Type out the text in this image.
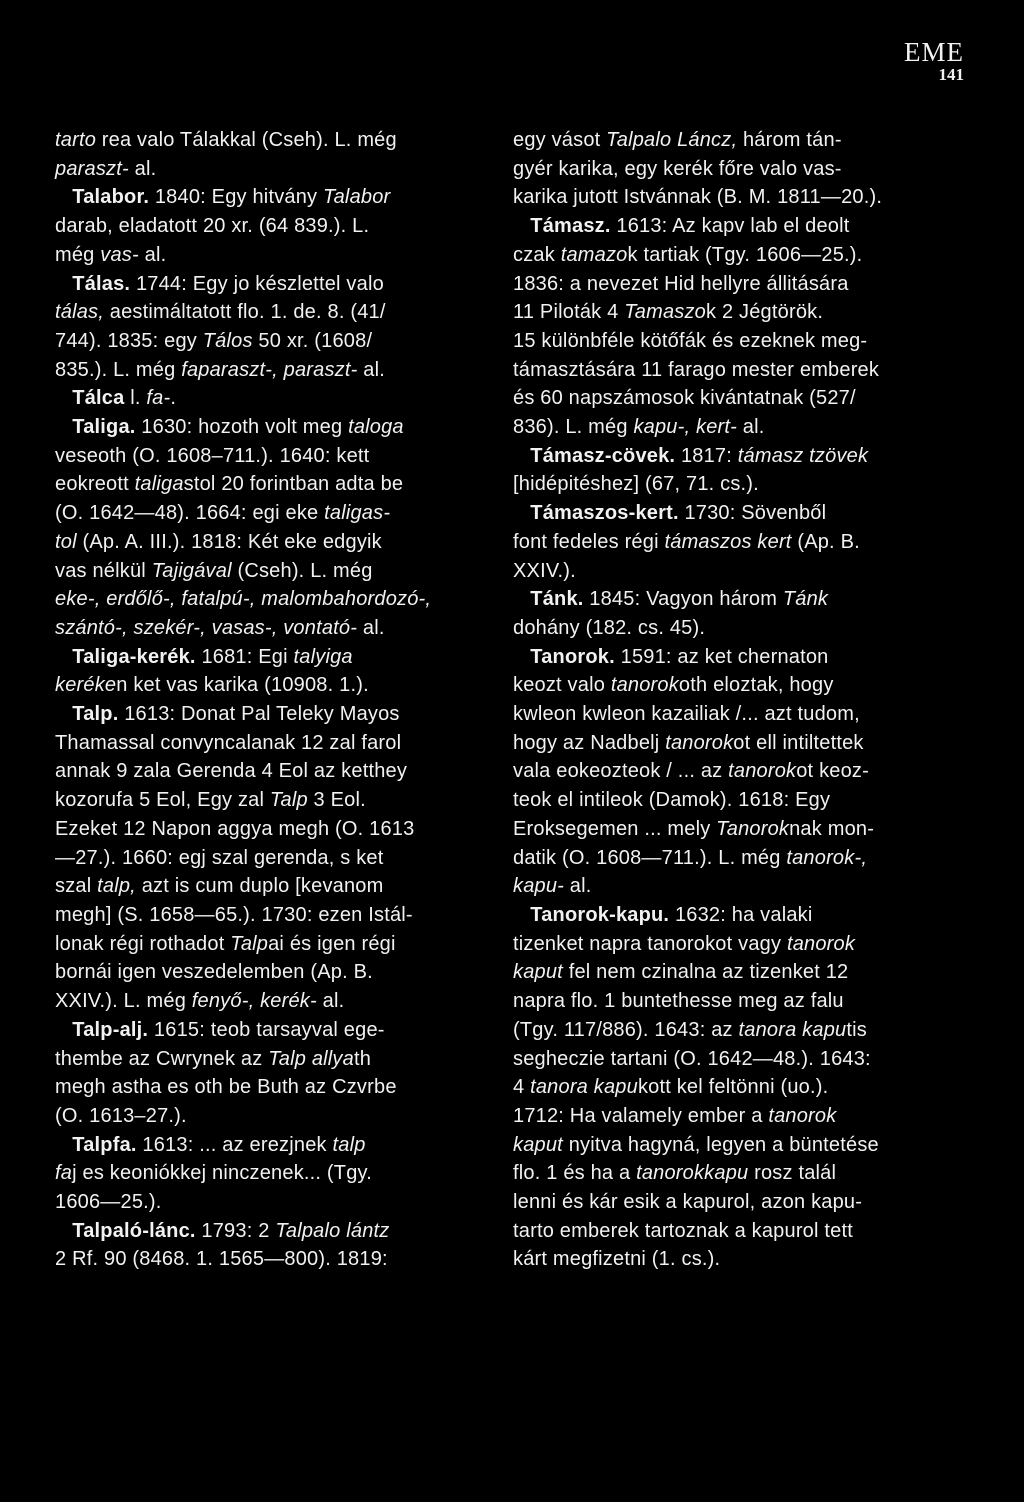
EME
141
tarto rea valo Tálakkal (Cseh). L. még
paraszt- al.
Talabor. 1840: Egy hitvány Talabor
darab, eladatott 20 xr. (64 839.). L.
még vas- al.
Tálas. 1744: Egy jo készlettel valo
tálas, aestimáltatott flo. 1. de. 8. (41/
744). 1835: egy Tálos 50 xr. (1608/
835.). L. még faparaszt-, paraszt- al.
Tálca l. fa-.
Taliga. 1630: hozoth volt meg taloga
veseoth (O. 1608–711.). 1640: kett
eokreott taligastol 20 forintban adta be
(O. 1642—48). 1664: egi eke taligas-
tol (Ap. A. III.). 1818: Két eke edgyik
vas nélkül Tajigával (Cseh). L. még
eke-, erdőlő-, fatalpú-, malombahordozó-,
szántó-, szekér-, vasas-, vontató- al.
Taliga-kerék. 1681: Egi talyiga
keréken ket vas karika (10908. 1.).
Talp. 1613: Donat Pal Teleky Mayos
Thamassal convyncalanak 12 zal farol
annak 9 zala Gerenda 4 Eol az ketthey
kozorufa 5 Eol, Egy zal Talp 3 Eol.
Ezeket 12 Napon aggya megh (O. 1613
—27.). 1660: egj szal gerenda, s ket
szal talp, azt is cum duplo [kevanom
megh] (S. 1658—65.). 1730: ezen Istál-
lonak régi rothadot Talpai és igen régi
bornái igen veszedelemben (Ap. B.
XXIV.). L. még fenyő-, kerék- al.
Talp-alj. 1615: teob tarsayval ege-
thembe az Cwrynek az Talp allyath
megh astha es oth be Buth az Czvrbe
(O. 1613–27.).
Talpfa. 1613: ... az erezjnek talp
faj es keoniókkej ninczenek... (Tgy.
1606—25.).
Talpaló-lánc. 1793: 2 Talpalo lántz
2 Rf. 90 (8468. 1. 1565—800). 1819:
egy vásot Talpalo Láncz, három tán-
gyér karika, egy kerék főre valo vas-
karika jutott Istvánnak (B. M. 1811—20.).
Támasz. 1613: Az kapv lab el deolt
czak tamazok tartiak (Tgy. 1606—25.).
1836: a nevezet Hid hellyre állitására
11 Piloták 4 Tamaszok 2 Jégtörök.
15 különbféle kötőfák és ezeknek meg-
támasztására 11 farago mester emberek
és 60 napszámosok kivántatnak (527/
836). L. még kapu-, kert- al.
Támasz-cövek. 1817: támasz tzövek
[hidépitéshez] (67, 71. cs.).
Támaszos-kert. 1730: Sövenből
font fedeles régi támaszos kert (Ap. B.
XXIV.).
Tánk. 1845: Vagyon három Tánk
dohány (182. cs. 45).
Tanorok. 1591: az ket chernaton
keozt valo tanorokoth eloztak, hogy
kwleon kwleon kazailiak /... azt tudom,
hogy az Nadbelj tanorokot ell intiltettek
vala eokeozteok / ... az tanorokot keoz-
teok el intileok (Damok). 1618: Egy
Eroksegemen ... mely Tanoroknak mon-
datik (O. 1608—711.). L. még tanorok-,
kapu- al.
Tanorok-kapu. 1632: ha valaki
tizenket napra tanorokot vagy tanorok
kaput fel nem czinalna az tizenket 12
napra flo. 1 buntethesse meg az falu
(Tgy. 117/886). 1643: az tanora kaputis
segheczie tartani (O. 1642—48.). 1643:
4 tanora kapukott kel feltönni (uo.).
1712: Ha valamely ember a tanorok
kaput nyitva hagyná, legyen a büntetése
flo. 1 és ha a tanorokkapu rosz talál
lenni és kár esik a kapurol, azon kapu-
tarto emberek tartoznak a kapurol tett
kárt megfizetni (1. cs.).
